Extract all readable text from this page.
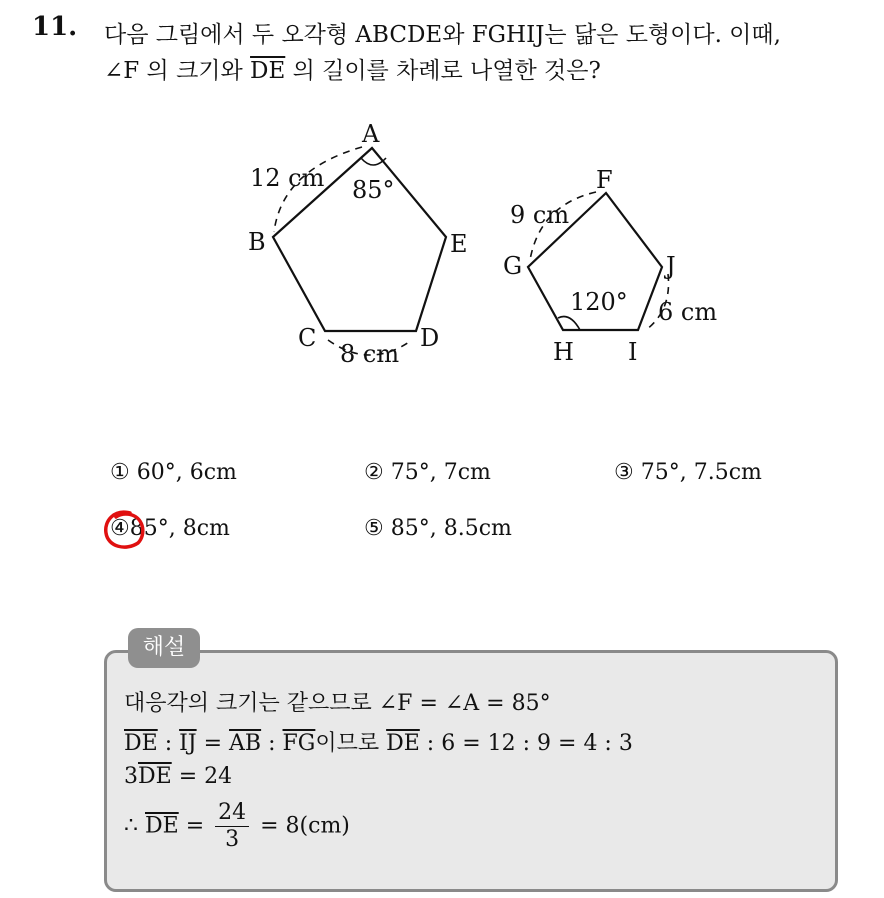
11. 다음 그림에서 두 오각형 ABCDE와 FGHIJ는 닮은 도형이다. 이때,
∠F 의 크기와 $\overline{DE}$ 의 길이를 차례로 나열한 것은?
A
B
C	D
E
12 cm 85°
8 cm
F
G
H I
J
9 cm
120° 6 cm
① 60°, 6cm	② 75°, 7cm	③ 75°, 7.5cm
④85°, 8cm	⑤ 85°, 8.5cm
해설
대응각의 크기는 같으므로 ∠F = ∠A = 85°
$\overline{DE}$ : $\overline{IJ} = \overline{AB}$ : $\overline{FG}$이므로 $\overline{DE}$ : 6 = 12 : 9 = 4 : 3
$3\overline{DE} = 24$
∴ $\overline{DE} = \frac{24}{3} = 8(cm)$
